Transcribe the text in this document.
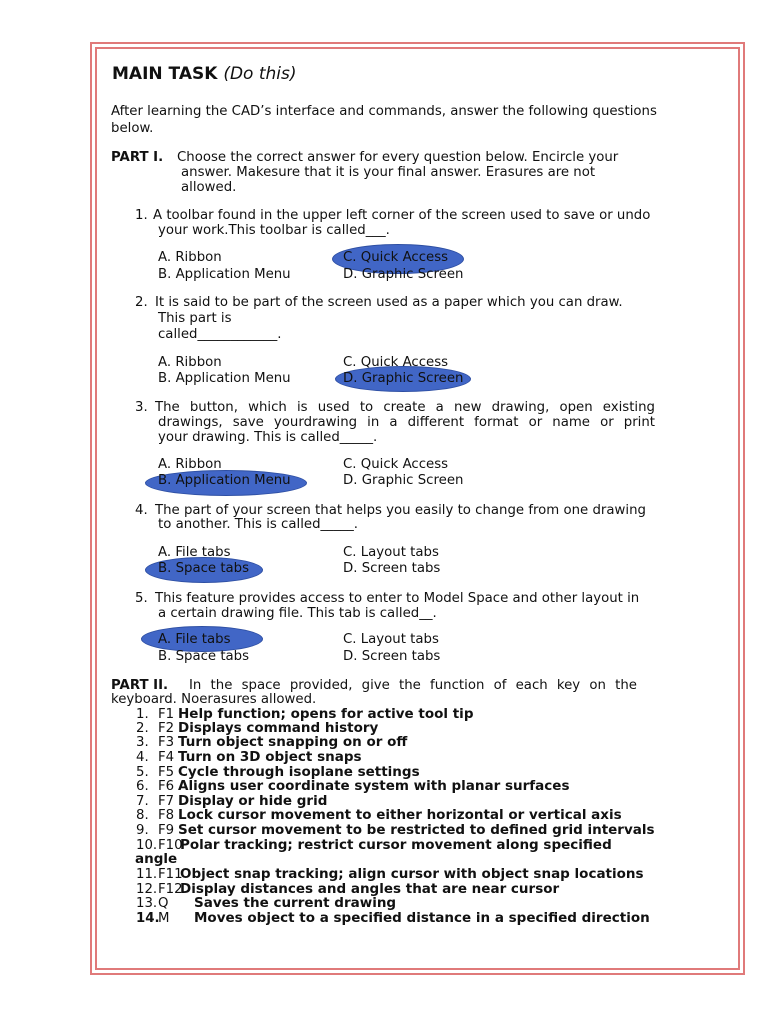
MAIN TASK (Do this)
After learning the CAD’s interface and commands, answer the following questions
below.
PART I. Choose the correct answer for every question below. Encircle your
answer. Makesure that it is your final answer. Erasures are not
allowed.
1. A toolbar found in the upper left corner of the screen used to save or undo
your work.This toolbar is called___.
A. Ribbon	C. Quick Access
B. Application Menu	D. Graphic Screen
2. It is said to be part of the screen used as a paper which you can draw.
This part is
called____________.
A. Ribbon	C. Quick Access
B. Application Menu	D. Graphic Screen
3. The button, which is used to create a new drawing, open existing
drawings, save yourdrawing in a different format or name or print
your drawing. This is called_____.
A. Ribbon	C. Quick Access
B. Application Menu	D. Graphic Screen
4. The part of your screen that helps you easily to change from one drawing
to another. This is called_____.
A. File tabs	C. Layout tabs
B. Space tabs	D. Screen tabs
5. This feature provides access to enter to Model Space and other layout in
a certain drawing file. This tab is called__.
A. File tabs	C. Layout tabs
B. Space tabs	D. Screen tabs
PART II. In the space provided, give the function of each key on the
keyboard. Noerasures allowed.
1. F1 Help function; opens for active tool tip
2. F2 Displays command history
3. F3 Turn object snapping on or off
4. F4 Turn on 3D object snaps
5. F5 Cycle through isoplane settings
6. F6 Aligns user coordinate system with planar surfaces
7. F7 Display or hide grid
8. F8 Lock cursor movement to either horizontal or vertical axis
9. F9 Set cursor movement to be restricted to defined grid intervals
10.F10Polar tracking; restrict cursor movement along specified
angle
11.F11Object snap tracking; align cursor with object snap locations
12.F12Display distances and angles that are near cursor
13.Q Saves the current drawing
14.M Moves object to a specified distance in a specified direction
